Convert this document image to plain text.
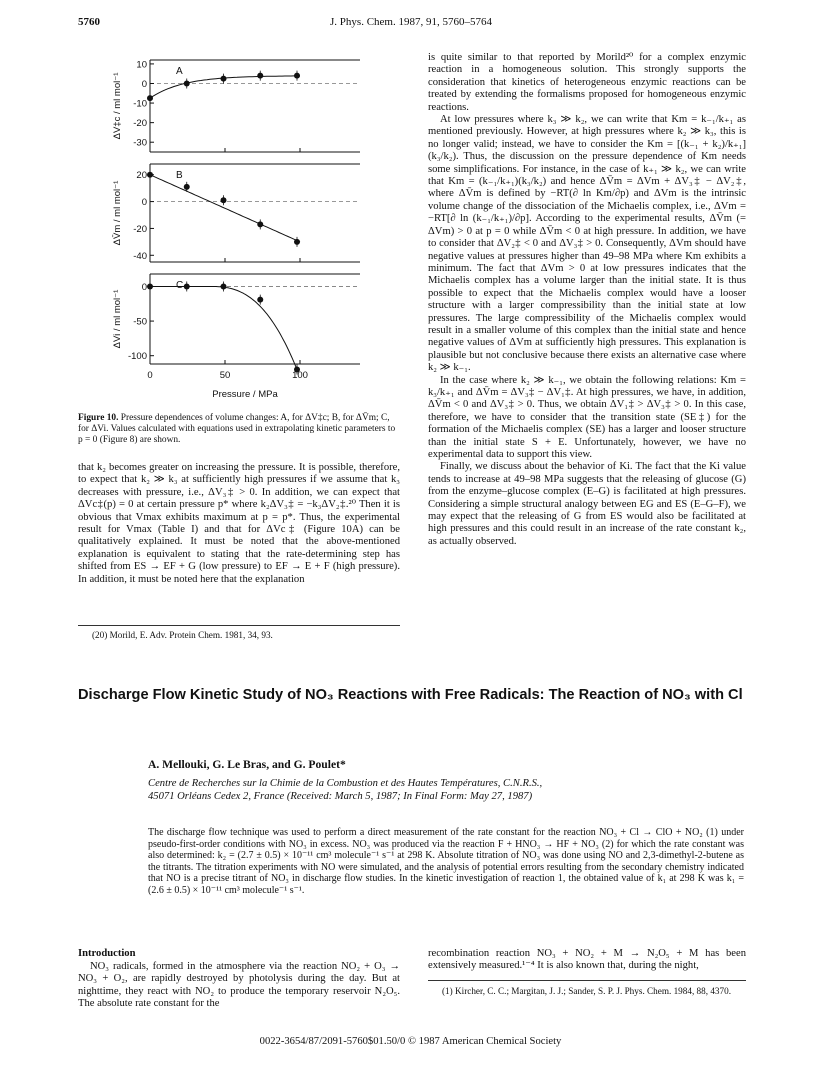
5760	J. Phys. Chem. 1987, 91, 5760–5764
10
0
-10
-20
-30
ΔV‡c / ml mol⁻¹
A
20
0
-20
-40
ΔV̄m / ml mol⁻¹
B
0
-50
-100
ΔVi / ml mol⁻¹
C
0	50	100
Pressure / MPa
Figure 10. Pressure dependences of volume changes: A, for ΔV‡c; B, for ΔV̄m; C, for ΔVi. Values calculated with equations used in extrapolating kinetic parameters to p = 0 (Figure 8) are shown.

that k₂ becomes greater on increasing the pressure. It is possible, therefore, to expect that k₂ ≫ k₃ at sufficiently high pressures if we assume that k₃ decreases with pressure, i.e., ΔV₃‡ > 0. In addition, we can expect that ΔVc‡(p) = 0 at certain pressure p* where k₂ΔV₃‡ = −k₃ΔV₂‡.²⁰ Then it is obvious that Vmax exhibits maximum at p = p*. Thus, the experimental result for Vmax (Table I) and that for ΔVc‡ (Figure 10A) can be qualitatively explained. It must be noted that the above-mentioned explanation is equivalent to stating that the rate-determining step has shifted from ES → EF + G (low pressure) to EF → E + F (high pressure). In addition, it must be noted here that the explanation

(20) Morild, E. Adv. Protein Chem. 1981, 34, 93.

is quite similar to that reported by Morild²⁰ for a complex enzymic reaction in a homogeneous solution. This strongly supports the consideration that kinetics of heterogeneous enzymic reactions can be treated by extending the formalisms proposed for homogeneous enzymic reactions.

At low pressures where k₃ ≫ k₂, we can write that Km = k₋₁/k₊₁ as mentioned previously. However, at high pressures where k₂ ≫ k₃, this is no longer valid; instead, we have to consider the Km = [(k₋₁ + k₂)/k₊₁](k₃/k₂). Thus, the discussion on the pressure dependence of Km needs some simplifications. For instance, in the case of k₊₁ ≫ k₂, we can write that Km = (k₋₁/k₊₁)(k₃/k₂) and hence ΔV̄m = ΔVm + ΔV₃‡ − ΔV₂‡, where ΔV̄m is defined by −RT(∂ ln Km/∂p) and ΔVm is the intrinsic volume change of the dissociation of the Michaelis complex, i.e., ΔVm = −RT[∂ ln (k₋₁/k₊₁)/∂p]. According to the experimental results, ΔV̄m (= ΔVm) > 0 at p = 0 while ΔV̄m < 0 at high pressure. In addition, we have to consider that ΔV₂‡ < 0 and ΔV₃‡ > 0. Consequently, ΔVm should have negative values at pressures higher than 49–98 MPa where Km exhibits a minimum. The fact that ΔVm > 0 at low pressures indicates that the Michaelis complex has a volume larger than the initial state. It is thus possible to expect that the Michaelis complex would have a looser structure with a larger compressibility than the initial state at low pressures. The large compressibility of the Michaelis complex would result in a smaller volume of this complex than the initial state and hence negative values of ΔVm at sufficiently high pressures. This explanation is plausible but not conclusive because there exists an alternative case where k₂ ≫ k₋₁.

In the case where k₂ ≫ k₋₁, we obtain the following relations: Km = k₃/k₊₁ and ΔV̄m = ΔV₃‡ − ΔV₁‡. At high pressures, we have, in addition, ΔV̄m < 0 and ΔV₃‡ > 0. Thus, we obtain ΔV₁‡ > ΔV₃‡ > 0. In this case, therefore, we have to consider that the transition state (SE‡) for the formation of the Michaelis complex (SE) has a larger and looser structure than the initial state S + E. Unfortunately, however, we have no experimental data to support this view.

Finally, we discuss about the behavior of Ki. The fact that the Ki value tends to increase at 49–98 MPa suggests that the releasing of glucose (G) from the enzyme–glucose complex (E–G) is facilitated at high pressures. Considering a simple structural analogy between EG and ES (E–G–F), we may expect that the releasing of G from ES would also be facilitated at high pressures and this could result in an increase of the rate constant k₂, as actually observed.

Discharge Flow Kinetic Study of NO₃ Reactions with Free Radicals: The Reaction of NO₃ with Cl
A. Mellouki, G. Le Bras, and G. Poulet*
Centre de Recherches sur la Chimie de la Combustion et des Hautes Températures, C.N.R.S.,
45071 Orléans Cedex 2, France (Received: March 5, 1987; In Final Form: May 27, 1987)
The discharge flow technique was used to perform a direct measurement of the rate constant for the reaction NO₃ + Cl → ClO + NO₂ (1) under pseudo-first-order conditions with NO₃ in excess. NO₃ was produced via the reaction F + HNO₃ → HF + NO₃ (2) for which the rate constant was also determined: k₂ = (2.7 ± 0.5) × 10⁻¹¹ cm³ molecule⁻¹ s⁻¹ at 298 K. Absolute titration of NO₃ was done using NO and 2,3-dimethyl-2-butene as the titrants. The titration experiments with NO were simulated, and the analysis of potential errors resulting from the secondary chemistry indicated that NO is a precise titrant of NO₃ in discharge flow studies. In the kinetic investigation of reaction 1, the obtained value of k₁ at 298 K was k₁ = (2.6 ± 0.5) × 10⁻¹¹ cm³ molecule⁻¹ s⁻¹.
Introduction

NO₃ radicals, formed in the atmosphere via the reaction NO₂ + O₃ → NO₃ + O₂, are rapidly destroyed by photolysis during the day. But at nighttime, they react with NO₂ to produce the temporary reservoir N₂O₅. The absolute rate constant for the

recombination reaction NO₃ + NO₂ + M → N₂O₅ + M has been extensively measured.¹⁻⁴ It is also known that, during the night,

(1) Kircher, C. C.; Margitan, J. J.; Sander, S. P. J. Phys. Chem. 1984, 88, 4370.
0022-3654/87/2091-5760$01.50/0 © 1987 American Chemical Society
